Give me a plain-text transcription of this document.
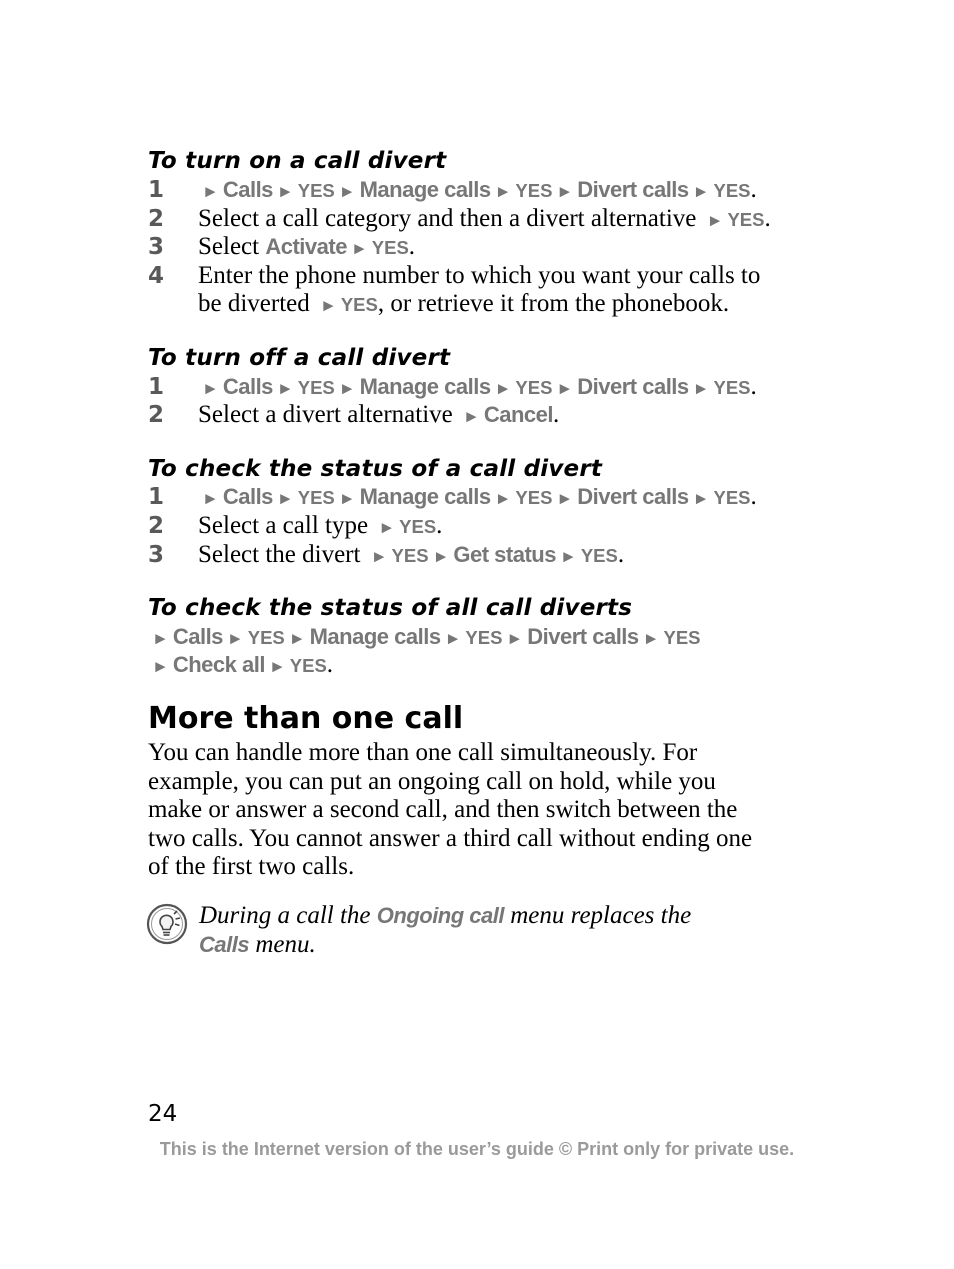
To turn on a call divert
To turn off a call divert
To check the status of a call divert
To check the status of all call diverts
1	► Calls ► YES ► Manage calls ► YES ► Divert calls ► YES.
2	Select a call category and then a divert alternative ► YES.
3	Select Activate ► YES.
4	Enter the phone number to which you want your calls to
be diverted ► YES, or retrieve it from the phonebook.
1	► Calls ► YES ► Manage calls ► YES ► Divert calls ► YES.
2	Select a divert alternative ► Cancel.
1	► Calls ► YES ► Manage calls ► YES ► Divert calls ► YES.
2	Select a call type ► YES.
3	Select the divert ► YES ► Get status ► YES.
► Calls ► YES ► Manage calls ► YES ► Divert calls ► YES
► Check all ► YES.
More than one call
You can handle more than one call simultaneously. For
example, you can put an ongoing call on hold, while you
make or answer a second call, and then switch between the
two calls. You cannot answer a third call without ending one
of the first two calls.
During a call the Ongoing call menu replaces the
Calls menu.
24
This is the Internet version of the user’s guide © Print only for private use.
